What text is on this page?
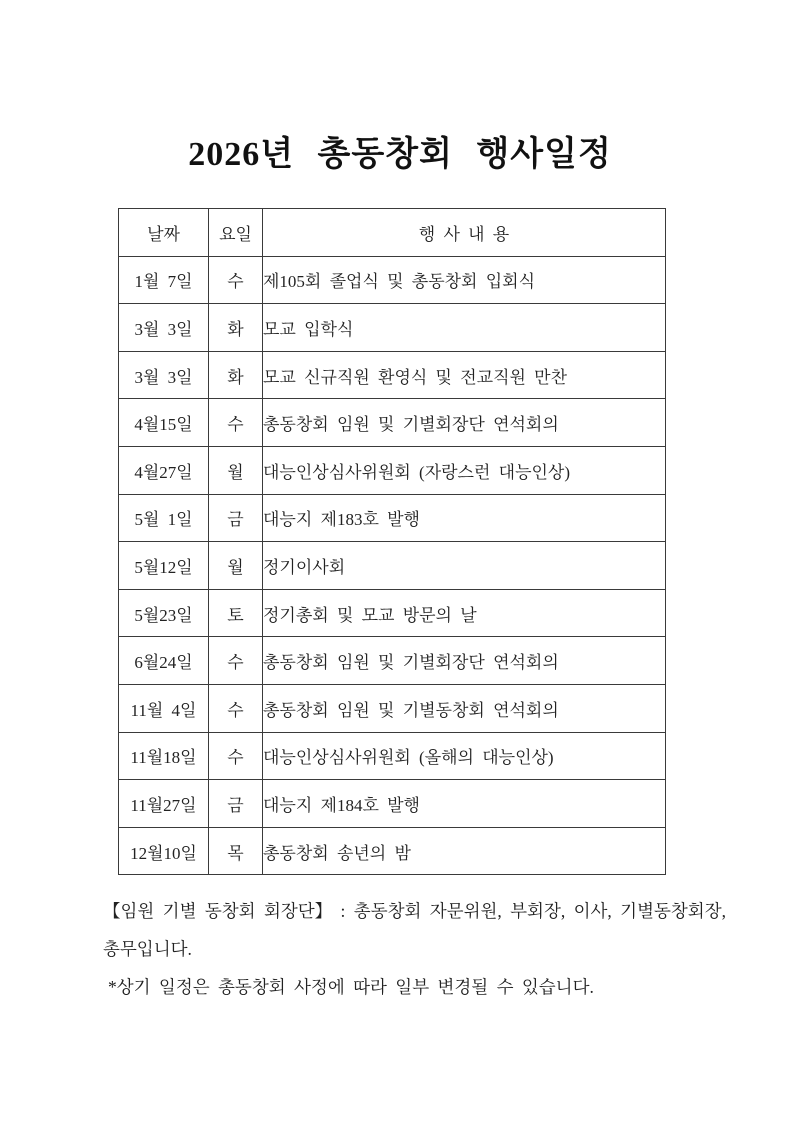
2026년 총동창회 행사일정
날짜	요일	행 사 내 용
1월 7일	수	제105회 졸업식 및 총동창회 입회식
3월 3일	화	모교 입학식
3월 3일	화	모교 신규직원 환영식 및 전교직원 만찬
4월15일	수	총동창회 임원 및 기별회장단 연석회의
4월27일	월	대능인상심사위원회 (자랑스런 대능인상)
5월 1일	금	대능지 제183호 발행
5월12일	월	정기이사회
5월23일	토	정기총회 및 모교 방문의 날
6월24일	수	총동창회 임원 및 기별회장단 연석회의
11월 4일	수	총동창회 임원 및 기별동창회 연석회의
11월18일	수	대능인상심사위원회 (올해의 대능인상)
11월27일	금	대능지 제184호 발행
12월10일	목	총동창회 송년의 밤

【임원 기별 동창회 회장단】 : 총동창회 자문위원, 부회장, 이사, 기별동창회장, 총무입니다.

*상기 일정은 총동창회 사정에 따라 일부 변경될 수 있습니다.
